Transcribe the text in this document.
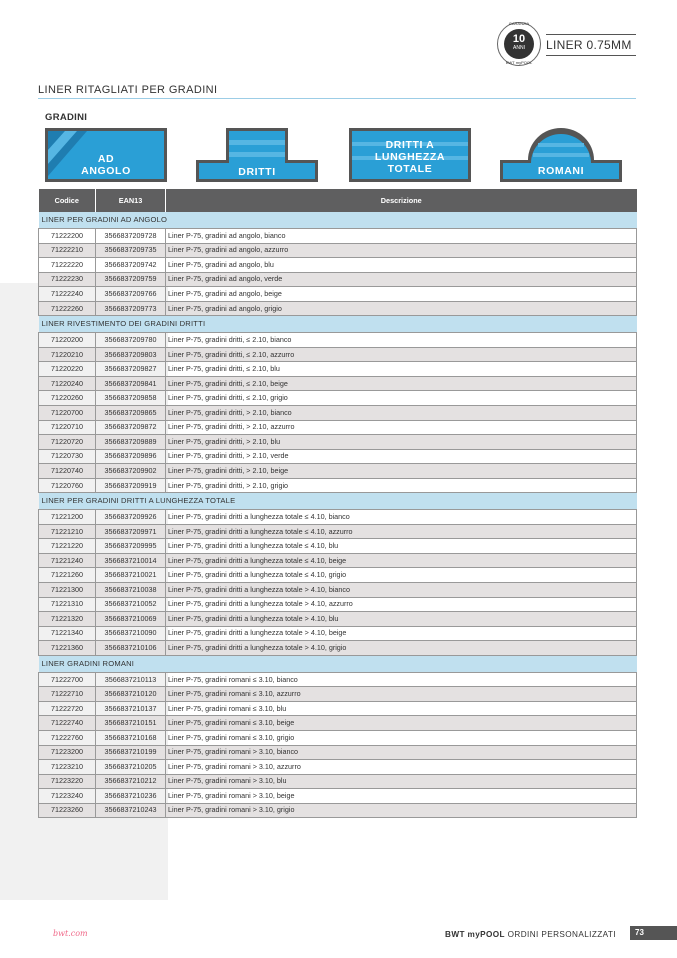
GARANZIA
10
ANNI
BWT myPOOL
LINER 0.75MM
LINER RITAGLIATI PER GRADINI
GRADINI
AD
ANGOLO	DRITTI
DRITTI A
LUNGHEZZA
TOTALE	ROMANI
Codice	EAN13	Descrizione
LINER PER GRADINI AD ANGOLO		
71222200	3566837209728	Liner P-75, gradini ad angolo, bianco
71222210	3566837209735	Liner P-75, gradini ad angolo, azzurro
71222220	3566837209742	Liner P-75, gradini ad angolo, blu
71222230	3566837209759	Liner P-75, gradini ad angolo, verde
71222240	3566837209766	Liner P-75, gradini ad angolo, beige
71222260	3566837209773	Liner P-75, gradini ad angolo, grigio
LINER RIVESTIMENTO DEI GRADINI DRITTI		
71220200	3566837209780	Liner P-75, gradini dritti, ≤ 2.10, bianco
71220210	3566837209803	Liner P-75, gradini dritti, ≤ 2.10, azzurro
71220220	3566837209827	Liner P-75, gradini dritti, ≤ 2.10, blu
71220240	3566837209841	Liner P-75, gradini dritti, ≤ 2.10, beige
71220260	3566837209858	Liner P-75, gradini dritti, ≤ 2.10, grigio
71220700	3566837209865	Liner P-75, gradini dritti, > 2.10, bianco
71220710	3566837209872	Liner P-75, gradini dritti, > 2.10, azzurro
71220720	3566837209889	Liner P-75, gradini dritti, > 2.10, blu
71220730	3566837209896	Liner P-75, gradini dritti, > 2.10, verde
71220740	3566837209902	Liner P-75, gradini dritti, > 2.10, beige
71220760	3566837209919	Liner P-75, gradini dritti, > 2.10, grigio
LINER PER GRADINI DRITTI A LUNGHEZZA TOTALE		
71221200	3566837209926	Liner P-75, gradini dritti a lunghezza totale ≤ 4.10, bianco
71221210	3566837209971	Liner P-75, gradini dritti a lunghezza totale ≤ 4.10, azzurro
71221220	3566837209995	Liner P-75, gradini dritti a lunghezza totale ≤ 4.10, blu
71221240	3566837210014	Liner P-75, gradini dritti a lunghezza totale ≤ 4.10, beige
71221260	3566837210021	Liner P-75, gradini dritti a lunghezza totale ≤ 4.10, grigio
71221300	3566837210038	Liner P-75, gradini dritti a lunghezza totale > 4.10, bianco
71221310	3566837210052	Liner P-75, gradini dritti a lunghezza totale > 4.10, azzurro
71221320	3566837210069	Liner P-75, gradini dritti a lunghezza totale > 4.10, blu
71221340	3566837210090	Liner P-75, gradini dritti a lunghezza totale > 4.10, beige
71221360	3566837210106	Liner P-75, gradini dritti a lunghezza totale > 4.10, grigio
LINER GRADINI ROMANI		
71222700	3566837210113	Liner P-75, gradini romani ≤ 3.10, bianco
71222710	3566837210120	Liner P-75, gradini romani ≤ 3.10, azzurro
71222720	3566837210137	Liner P-75, gradini romani ≤ 3.10, blu
71222740	3566837210151	Liner P-75, gradini romani ≤ 3.10, beige
71222760	3566837210168	Liner P-75, gradini romani ≤ 3.10, grigio
71223200	3566837210199	Liner P-75, gradini romani > 3.10, bianco
71223210	3566837210205	Liner P-75, gradini romani > 3.10, azzurro
71223220	3566837210212	Liner P-75, gradini romani > 3.10, blu
71223240	3566837210236	Liner P-75, gradini romani > 3.10, beige
71223260	3566837210243	Liner P-75, gradini romani > 3.10, grigio
bwt.com	BWT myPOOL ORDINI PERSONALIZZATI	73
